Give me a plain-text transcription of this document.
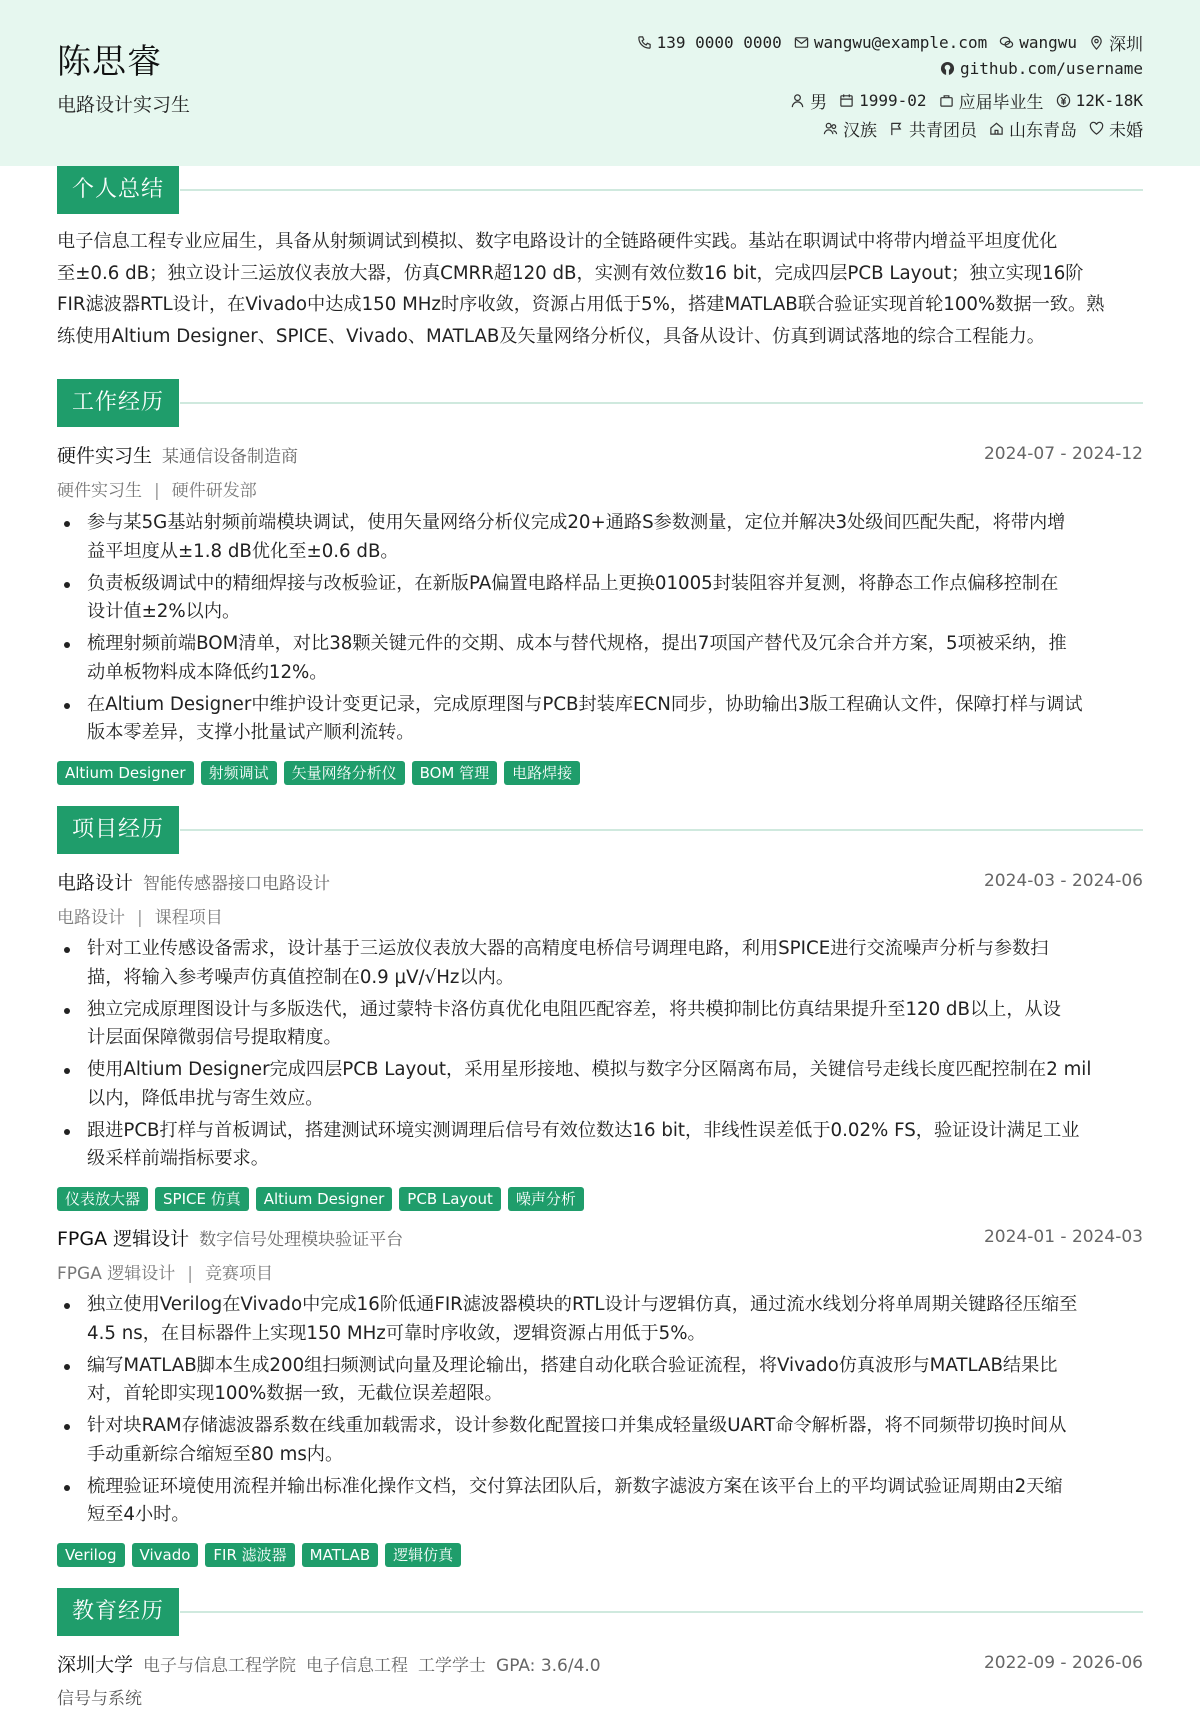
陈思睿
电路设计实习生
139 0000 0000 wangwu@example.com wangwu 深圳
github.com/username
男 1999-02 应届毕业生 12K-18K
汉族 共青团员 山东青岛 未婚
个人总结
电子信息工程专业应届生，具备从射频调试到模拟、数字电路设计的全链路硬件实践。基站在职调试中将带内增益平坦度优化
至±0.6 dB；独立设计三运放仪表放大器，仿真CMRR超120 dB，实测有效位数16 bit，完成四层PCB Layout；独立实现16阶
FIR滤波器RTL设计，在Vivado中达成150 MHz时序收敛，资源占用低于5%，搭建MATLAB联合验证实现首轮100%数据一致。熟
练使用Altium Designer、SPICE、Vivado、MATLAB及矢量网络分析仪，具备从设计、仿真到调试落地的综合工程能力。
工作经历
硬件实习生 某通信设备制造商	2024-07 - 2024-12
硬件实习生 | 硬件研发部
参与某5G基站射频前端模块调试，使用矢量网络分析仪完成20+通路S参数测量，定位并解决3处级间匹配失配，将带内增
益平坦度从±1.8 dB优化至±0.6 dB。
负责板级调试中的精细焊接与改板验证，在新版PA偏置电路样品上更换01005封装阻容并复测，将静态工作点偏移控制在
设计值±2%以内。
梳理射频前端BOM清单，对比38颗关键元件的交期、成本与替代规格，提出7项国产替代及冗余合并方案，5项被采纳，推
动单板物料成本降低约12%。
在Altium Designer中维护设计变更记录，完成原理图与PCB封装库ECN同步，协助输出3版工程确认文件，保障打样与调试
版本零差异，支撑小批量试产顺利流转。
Altium Designer	射频调试	矢量网络分析仪	BOM 管理	电路焊接
项目经历
电路设计 智能传感器接口电路设计	2024-03 - 2024-06
电路设计 | 课程项目
针对工业传感设备需求，设计基于三运放仪表放大器的高精度电桥信号调理电路，利用SPICE进行交流噪声分析与参数扫
描，将输入参考噪声仿真值控制在0.9 μV/√Hz以内。
独立完成原理图设计与多版迭代，通过蒙特卡洛仿真优化电阻匹配容差，将共模抑制比仿真结果提升至120 dB以上，从设
计层面保障微弱信号提取精度。
使用Altium Designer完成四层PCB Layout，采用星形接地、模拟与数字分区隔离布局，关键信号走线长度匹配控制在2 mil
以内，降低串扰与寄生效应。
跟进PCB打样与首板调试，搭建测试环境实测调理后信号有效位数达16 bit，非线性误差低于0.02% FS，验证设计满足工业
级采样前端指标要求。
仪表放大器	SPICE 仿真	Altium Designer	PCB Layout	噪声分析
FPGA 逻辑设计 数字信号处理模块验证平台	2024-01 - 2024-03
FPGA 逻辑设计 | 竞赛项目
独立使用Verilog在Vivado中完成16阶低通FIR滤波器模块的RTL设计与逻辑仿真，通过流水线划分将单周期关键路径压缩至
4.5 ns，在目标器件上实现150 MHz可靠时序收敛，逻辑资源占用低于5%。
编写MATLAB脚本生成200组扫频测试向量及理论输出，搭建自动化联合验证流程，将Vivado仿真波形与MATLAB结果比
对，首轮即实现100%数据一致，无截位误差超限。
针对块RAM存储滤波器系数在线重加载需求，设计参数化配置接口并集成轻量级UART命令解析器，将不同频带切换时间从
手动重新综合缩短至80 ms内。
梳理验证环境使用流程并输出标准化操作文档，交付算法团队后，新数字滤波方案在该平台上的平均调试验证周期由2天缩
短至4小时。
Verilog	Vivado	FIR 滤波器	MATLAB	逻辑仿真
教育经历
深圳大学 电子与信息工程学院 电子信息工程 工学学士 GPA: 3.6/4.0	2022-09 - 2026-06
信号与系统
